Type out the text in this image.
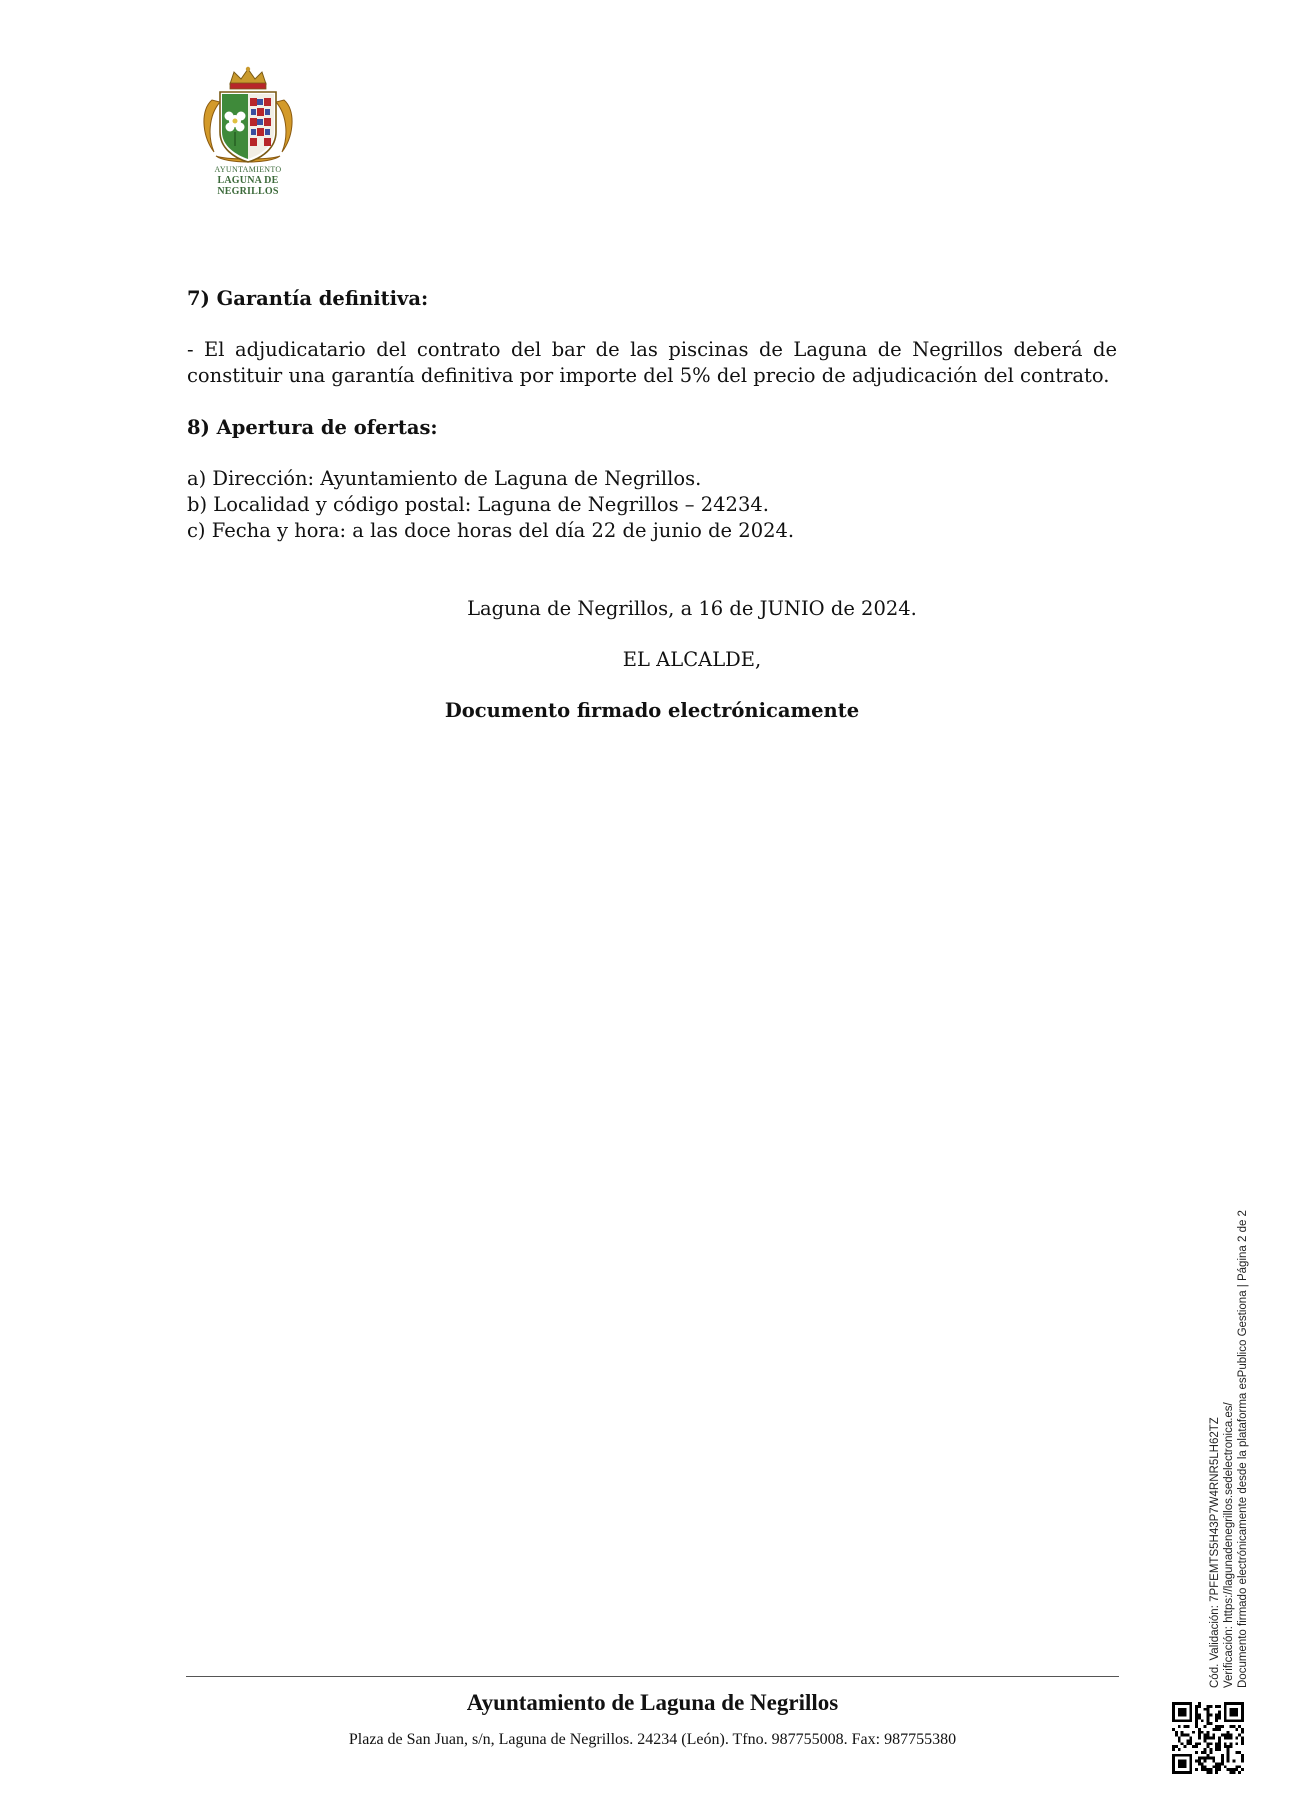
AYUNTAMIENTO
LAGUNA DE NEGRILLOS
7) Garantía definitiva:
- El adjudicatario del contrato del bar de las piscinas de Laguna de Negrillos deberá de constituir una garantía definitiva por importe del 5% del precio de adjudicación del contrato.
8) Apertura de ofertas:
a) Dirección: Ayuntamiento de Laguna de Negrillos.
b) Localidad y código postal: Laguna de Negrillos – 24234.
c) Fecha y hora: a las doce horas del día 22 de junio de 2024.
Laguna de Negrillos, a 16 de JUNIO de 2024.
EL ALCALDE,
Documento firmado electrónicamente
Ayuntamiento de Laguna de Negrillos
Plaza de San Juan, s/n, Laguna de Negrillos. 24234 (León). Tfno. 987755008. Fax: 987755380
Cód. Validación: 7PFEMTS5H43P7W4RNR5LH62TZ Verificación: https://lagunadenegrillos.sedelectronica.es/ Documento firmado electrónicamente desde la plataforma esPublico Gestiona | Página 2 de 2
